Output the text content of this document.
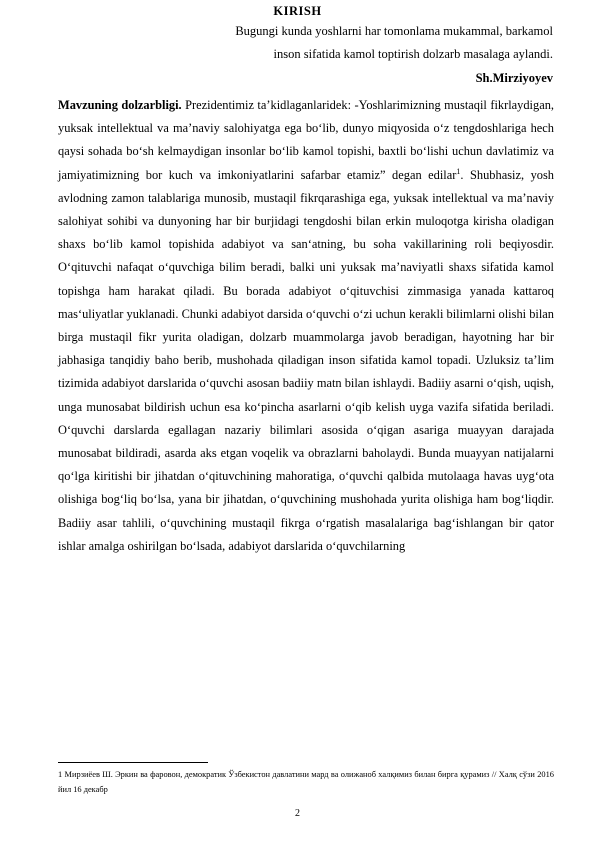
KIRISH
Bugungi kunda yoshlarni har tomonlama mukammal, barkamol
inson sifatida kamol toptirish dolzarb masalaga aylandi.
Sh.Mirziyoyev
Mavzuning dolzarbligi. Prezidentimiz ta’kidlaganlaridek: -Yoshlarimizning mustaqil fikrlaydigan, yuksak intellektual va ma’naviy salohiyatga ega bo‘lib, dunyo miqyosida o‘z tengdoshlariga hech qaysi sohada bo‘sh kelmaydigan insonlar bo‘lib kamol topishi, baxtli bo‘lishi uchun davlatimiz va jamiyatimizning bor kuch va imkoniyatlarini safarbar etamiz” degan edilar$^1$. Shubhasiz, yosh avlodning zamon talablariga munosib, mustaqil fikrqarashiga ega, yuksak intellektual va ma’naviy salohiyat sohibi va dunyoning har bir burjidagi tengdoshi bilan erkin muloqotga kirisha oladigan shaxs bo‘lib kamol topishida adabiyot va san‘atning, bu soha vakillarining roli beqiyosdir. O‘qituvchi nafaqat o‘quvchiga bilim beradi, balki uni yuksak ma’naviyatli shaxs sifatida kamol topishga ham harakat qiladi. Bu borada adabiyot o‘qituvchisi zimmasiga yanada kattaroq mas‘uliyatlar yuklanadi. Chunki adabiyot darsida o‘quvchi o‘zi uchun kerakli bilimlarni olishi bilan birga mustaqil fikr yurita oladigan, dolzarb muammolarga javob beradigan, hayotning har bir jabhasiga tanqidiy baho berib, mushohada qiladigan inson sifatida kamol topadi. Uzluksiz ta’lim tizimida adabiyot darslarida o‘quvchi asosan badiiy matn bilan ishlaydi. Badiiy asarni o‘qish, uqish, unga munosabat bildirish uchun esa ko‘pincha asarlarni o‘qib kelish uyga vazifa sifatida beriladi. O‘quvchi darslarda egallagan nazariy bilimlari asosida o‘qigan asariga muayyan darajada munosabat bildiradi, asarda aks etgan voqelik va obrazlarni baholaydi. Bunda muayyan natijalarni qo‘lga kiritishi bir jihatdan o‘qituvchining mahoratiga, o‘quvchi qalbida mutolaaga havas uyg‘ota olishiga bog‘liq bo‘lsa, yana bir jihatdan, o‘quvchining mushohada yurita olishiga ham bog‘liqdir. Badiiy asar tahlili, o‘quvchining mustaqil fikrga o‘rgatish masalalariga bag‘ishlangan bir qator ishlar amalga oshirilgan bo‘lsada, adabiyot darslarida o‘quvchilarning
1 Мирзиёев Ш. Эркин ва фаровон, демократик Ўзбекистон давлатини мард ва олижаноб халқимиз билан бирга қурамиз // Халқ сўзи 2016 йил 16 декабр
2
